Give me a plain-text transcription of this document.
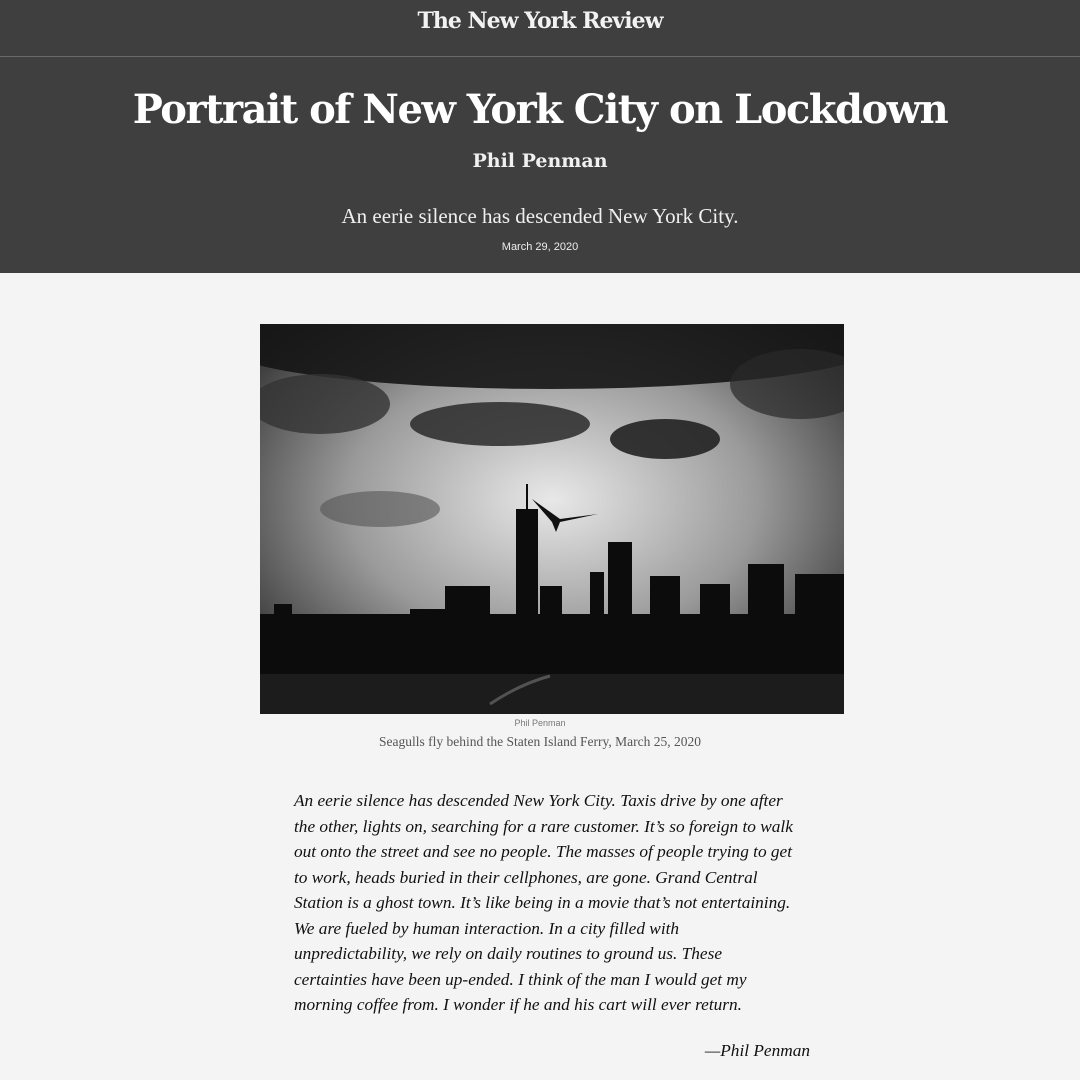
The New York Review
Portrait of New York City on Lockdown
Phil Penman
An eerie silence has descended New York City.
March 29, 2020
Phil Penman
Seagulls fly behind the Staten Island Ferry, March 25, 2020
An eerie silence has descended New York City. Taxis drive by one after
the other, lights on, searching for a rare customer. It’s so foreign to walk
out onto the street and see no people. The masses of people trying to get
to work, heads buried in their cellphones, are gone. Grand Central
Station is a ghost town. It’s like being in a movie that’s not entertaining.
We are fueled by human interaction. In a city filled with
unpredictability, we rely on daily routines to ground us. These
certainties have been up-ended. I think of the man I would get my
morning coffee from. I wonder if he and his cart will ever return.
—Phil Penman
